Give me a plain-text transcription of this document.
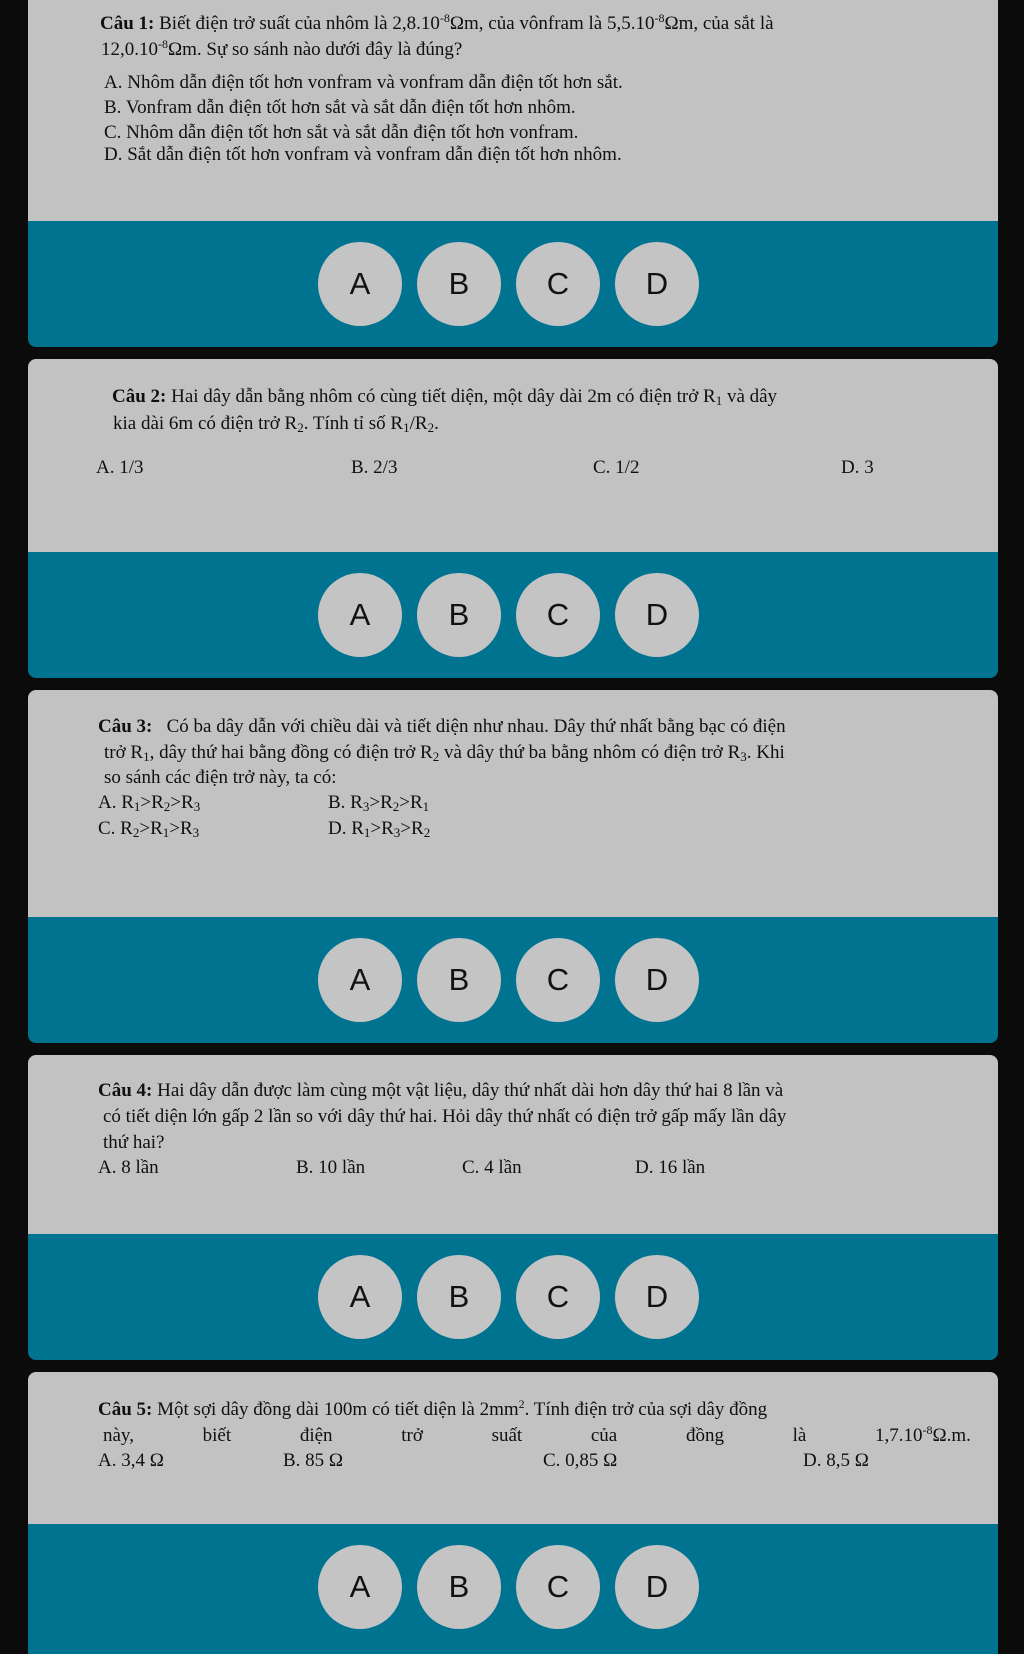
Câu 1: Biết điện trở suất của nhôm là $2,8.10^{-8}\Omega m$, của vônfram là $5,5.10^{-8}\Omega m$, của sắt là
$12,0.10^{-8}\Omega m$. Sự so sánh nào dưới đây là đúng?
A. Nhôm dẫn điện tốt hơn vonfram và vonfram dẫn điện tốt hơn sắt.
B. Vonfram dẫn điện tốt hơn sắt và sắt dẫn điện tốt hơn nhôm.
C. Nhôm dẫn điện tốt hơn sắt và sắt dẫn điện tốt hơn vonfram.
D. Sắt dẫn điện tốt hơn vonfram và vonfram dẫn điện tốt hơn nhôm.
A	B	C	D
Câu 2: Hai dây dẫn bằng nhôm có cùng tiết diện, một dây dài 2m có điện trở $R_1$ và dây
kia dài 6m có điện trở $R_2$. Tính tỉ số $R_1/R_2$.
A. 1/3	B. 2/3	C. 1/2	D. 3
A	B	C	D
Câu 3: Có ba dây dẫn với chiều dài và tiết diện như nhau. Dây thứ nhất bằng bạc có điện
trở $R_1$, dây thứ hai bằng đồng có điện trở $R_2$ và dây thứ ba bằng nhôm có điện trở $R_3$. Khi
so sánh các điện trở này, ta có:
A. $R_1>R_2>R_3$	B. $R_3>R_2>R_1$
C. $R_2>R_1>R_3$	D. $R_1>R_3>R_2$
A	B	C	D
Câu 4: Hai dây dẫn được làm cùng một vật liệu, dây thứ nhất dài hơn dây thứ hai 8 lần và
có tiết diện lớn gấp 2 lần so với dây thứ hai. Hỏi dây thứ nhất có điện trở gấp mấy lần dây
thứ hai?
A. 8 lần	B. 10 lần	C. 4 lần	D. 16 lần
A	B	C	D
Câu 5: Một sợi dây đồng dài 100m có tiết diện là $2mm^2$. Tính điện trở của sợi dây đồng
này,	biết	điện	trở	suất	của	đồng	là	$1,7.10^{-8}\Omega.m$.
A. 3,4 Ω	B. 85 Ω	C. 0,85 Ω	D. 8,5 Ω
A	B	C	D
